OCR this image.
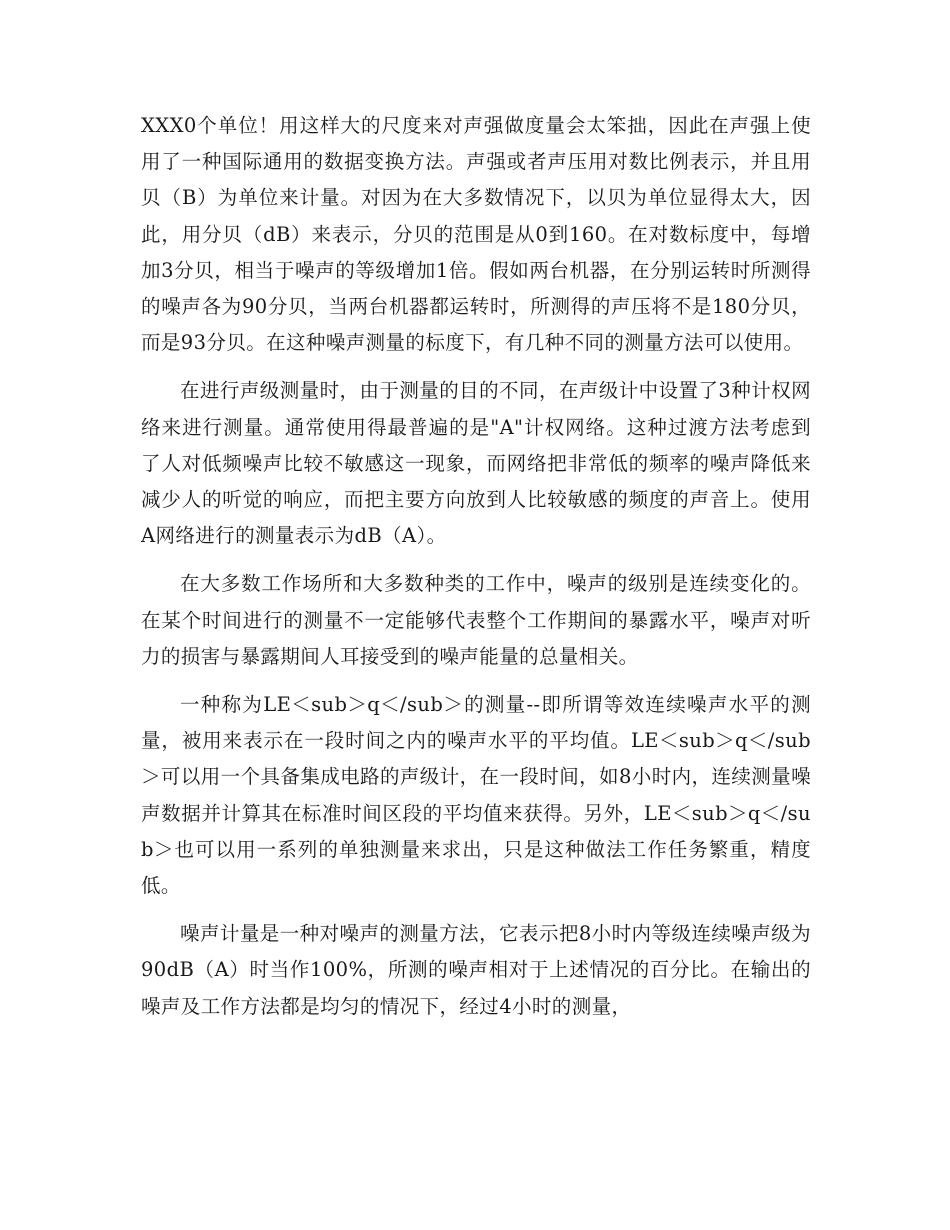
XXX0个单位！用这样大的尺度来对声强做度量会太笨拙，因此在声强上使用了一种国际通用的数据变换方法。声强或者声压用对数比例表示，并且用贝（B）为单位来计量。对因为在大多数情况下，以贝为单位显得太大，因此，用分贝（dB）来表示，分贝的范围是从0到160。在对数标度中，每增加3分贝，相当于噪声的等级增加1倍。假如两台机器，在分别运转时所测得的噪声各为90分贝，当两台机器都运转时，所测得的声压将不是180分贝，而是93分贝。在这种噪声测量的标度下，有几种不同的测量方法可以使用。

在进行声级测量时，由于测量的目的不同，在声级计中设置了3种计权网络来进行测量。通常使用得最普遍的是"A"计权网络。这种过渡方法考虑到了人对低频噪声比较不敏感这一现象，而网络把非常低的频率的噪声降低来减少人的听觉的响应，而把主要方向放到人比较敏感的频度的声音上。使用A网络进行的测量表示为dB（A）。

在大多数工作场所和大多数种类的工作中，噪声的级别是连续变化的。在某个时间进行的测量不一定能够代表整个工作期间的暴露水平，噪声对听力的损害与暴露期间人耳接受到的噪声能量的总量相关。

一种称为LE＜sub＞q＜/sub＞的测量--即所谓等效连续噪声水平的测量，被用来表示在一段时间之内的噪声水平的平均值。LE＜sub＞q＜/sub＞可以用一个具备集成电路的声级计，在一段时间，如8小时内，连续测量噪声数据并计算其在标准时间区段的平均值来获得。另外，LE＜sub＞q＜/sub＞也可以用一系列的单独测量来求出，只是这种做法工作任务繁重，精度低。

噪声计量是一种对噪声的测量方法，它表示把8小时内等级连续噪声级为90dB（A）时当作100%，所测的噪声相对于上述情况的百分比。在输出的噪声及工作方法都是均匀的情况下，经过4小时的测量，
